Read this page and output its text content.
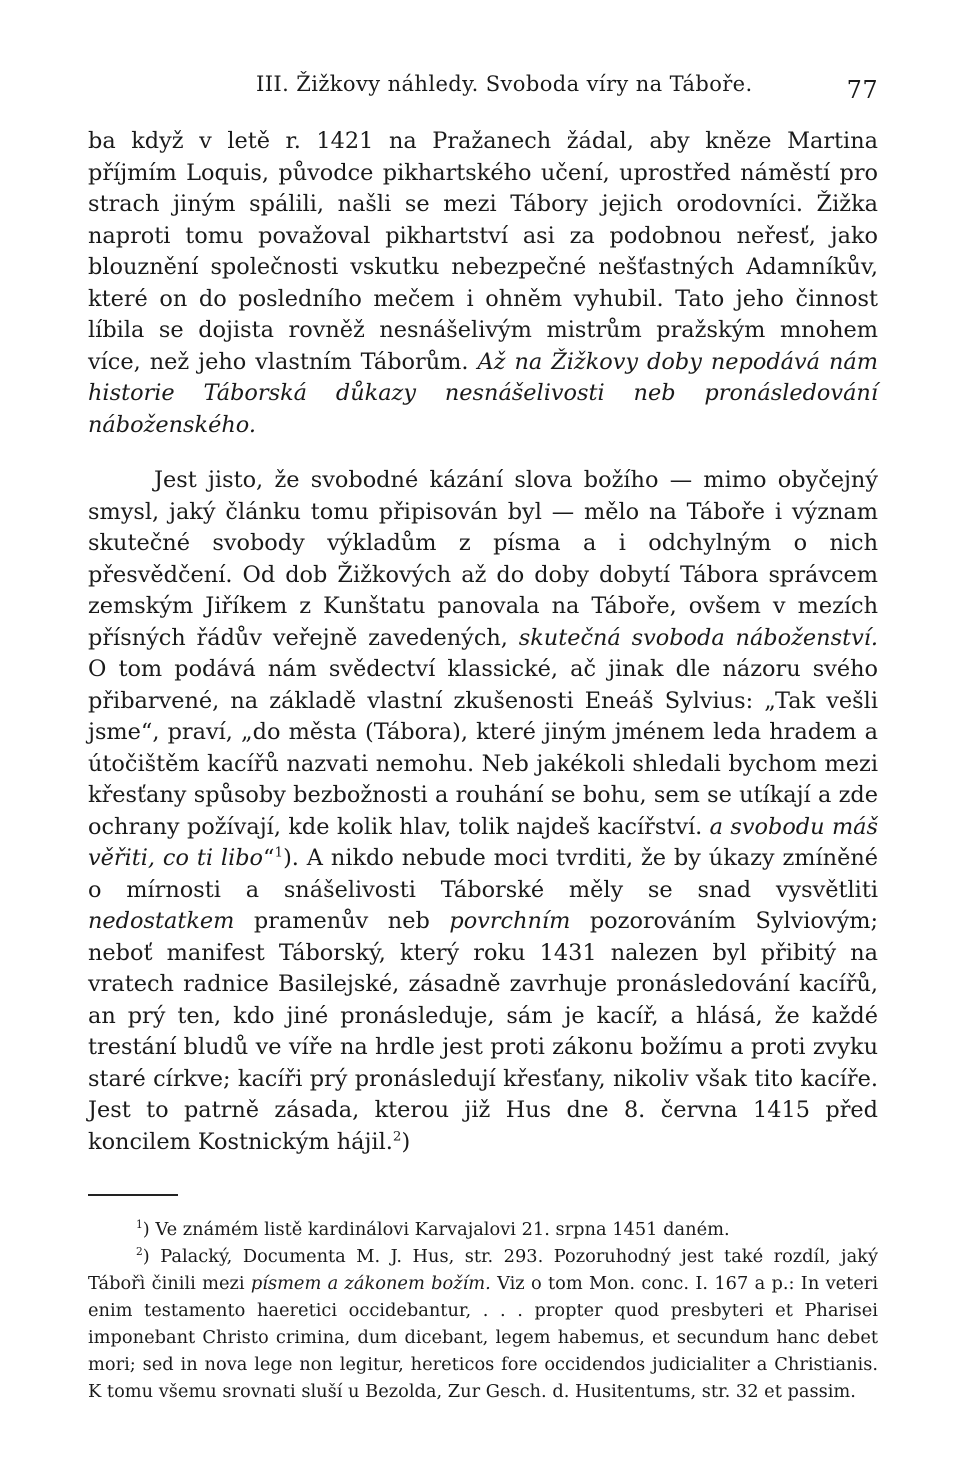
III. Žižkovy náhledy. Svoboda víry na Táboře.	77

ba když v letě r. 1421 na Pražanech žádal, aby kněze Martina příjmím Loquis, původce pikhartského učení, uprostřed náměstí pro strach jiným spálili, našli se mezi Tábory jejich orodovníci. Žižka naproti tomu považoval pikhartství asi za podobnou neřesť, jako blouznění společnosti vskutku nebezpečné nešťastných Adamníkův, které on do posledního mečem i ohněm vyhubil. Tato jeho činnost líbila se dojista rovněž nesnášelivým mistrům pražským mnohem více, než jeho vlastním Táborům. Až na Žižkovy doby nepodává nám historie Táborská důkazy nesnášelivosti neb pronásledování náboženského.

Jest jisto, že svobodné kázání slova božího — mimo obyčejný smysl, jaký článku tomu připisován byl — mělo na Táboře i význam skutečné svobody výkladům z písma a i odchylným o nich přesvědčení. Od dob Žižkových až do doby dobytí Tábora správcem zemským Jiříkem z Kunštatu panovala na Táboře, ovšem v mezích přísných řádův veřejně zavedených, skutečná svoboda náboženství. O tom podává nám svědectví klassické, ač jinak dle názoru svého přibarvené, na základě vlastní zkušenosti Eneáš Sylvius: „Tak vešli jsme“, praví, „do města (Tábora), které jiným jménem leda hradem a útočištěm kacířů nazvati nemohu. Neb jakékoli shledali bychom mezi křesťany spůsoby bezbožnosti a rouhání se bohu, sem se utíkají a zde ochrany požívají, kde kolik hlav, tolik najdeš kacířství. a svobodu máš věřiti, co ti libo“$^1$). A nikdo nebude moci tvrditi, že by úkazy zmíněné o mírnosti a snášelivosti Táborské měly se snad vysvětliti nedostatkem pramenův neb povrchním pozorováním Sylviovým; neboť manifest Táborský, který roku 1431 nalezen byl přibitý na vratech radnice Basilejské, zásadně zavrhuje pronásledování kacířů, an prý ten, kdo jiné pronásleduje, sám je kacíř, a hlásá, že každé trestání bludů ve víře na hrdle jest proti zákonu božímu a proti zvyku staré církve; kacíři prý pronásledují křesťany, nikoliv však tito kacíře. Jest to patrně zásada, kterou již Hus dne 8. června 1415 před koncilem Kostnickým hájil.$^2$)

$^1$) Ve známém listě kardinálovi Karvajalovi 21. srpna 1451 daném.

$^2$) Palacký, Documenta M. J. Hus, str. 293. Pozoruhodný jest také rozdíl, jaký Tábořì činili mezi písmem a zákonem božím. Viz o tom Mon. conc. I. 167 a p.: In veteri enim testamento haeretici occidebantur, . . . propter quod presbyteri et Pharisei imponebant Christo crimina, dum dicebant, legem habemus, et secundum hanc debet mori; sed in nova lege non legitur, hereticos fore occidendos judicialiter a Christianis. K tomu všemu srovnati sluší u Bezolda, Zur Gesch. d. Husitentums, str. 32 et passim.
